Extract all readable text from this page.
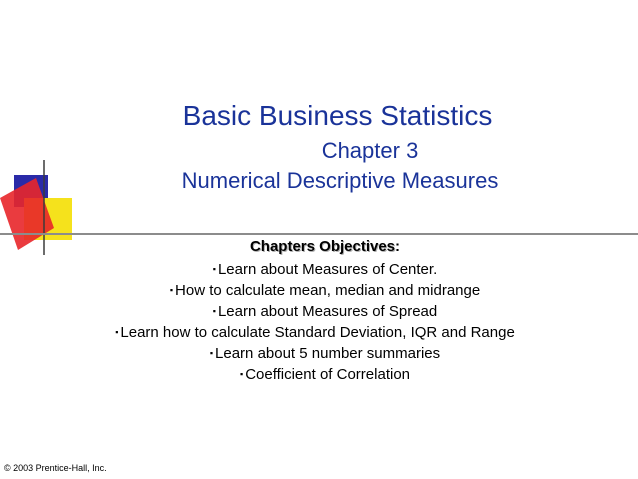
Basic Business Statistics
Chapter 3
Numerical Descriptive Measures
Chapters Objectives:
▪ Learn about Measures of Center.
▪ How to calculate mean, median and midrange
▪ Learn about Measures of Spread
▪ Learn how to calculate Standard Deviation, IQR and Range
▪ Learn about 5 number summaries
▪ Coefficient of Correlation
© 2003 Prentice-Hall, Inc.
